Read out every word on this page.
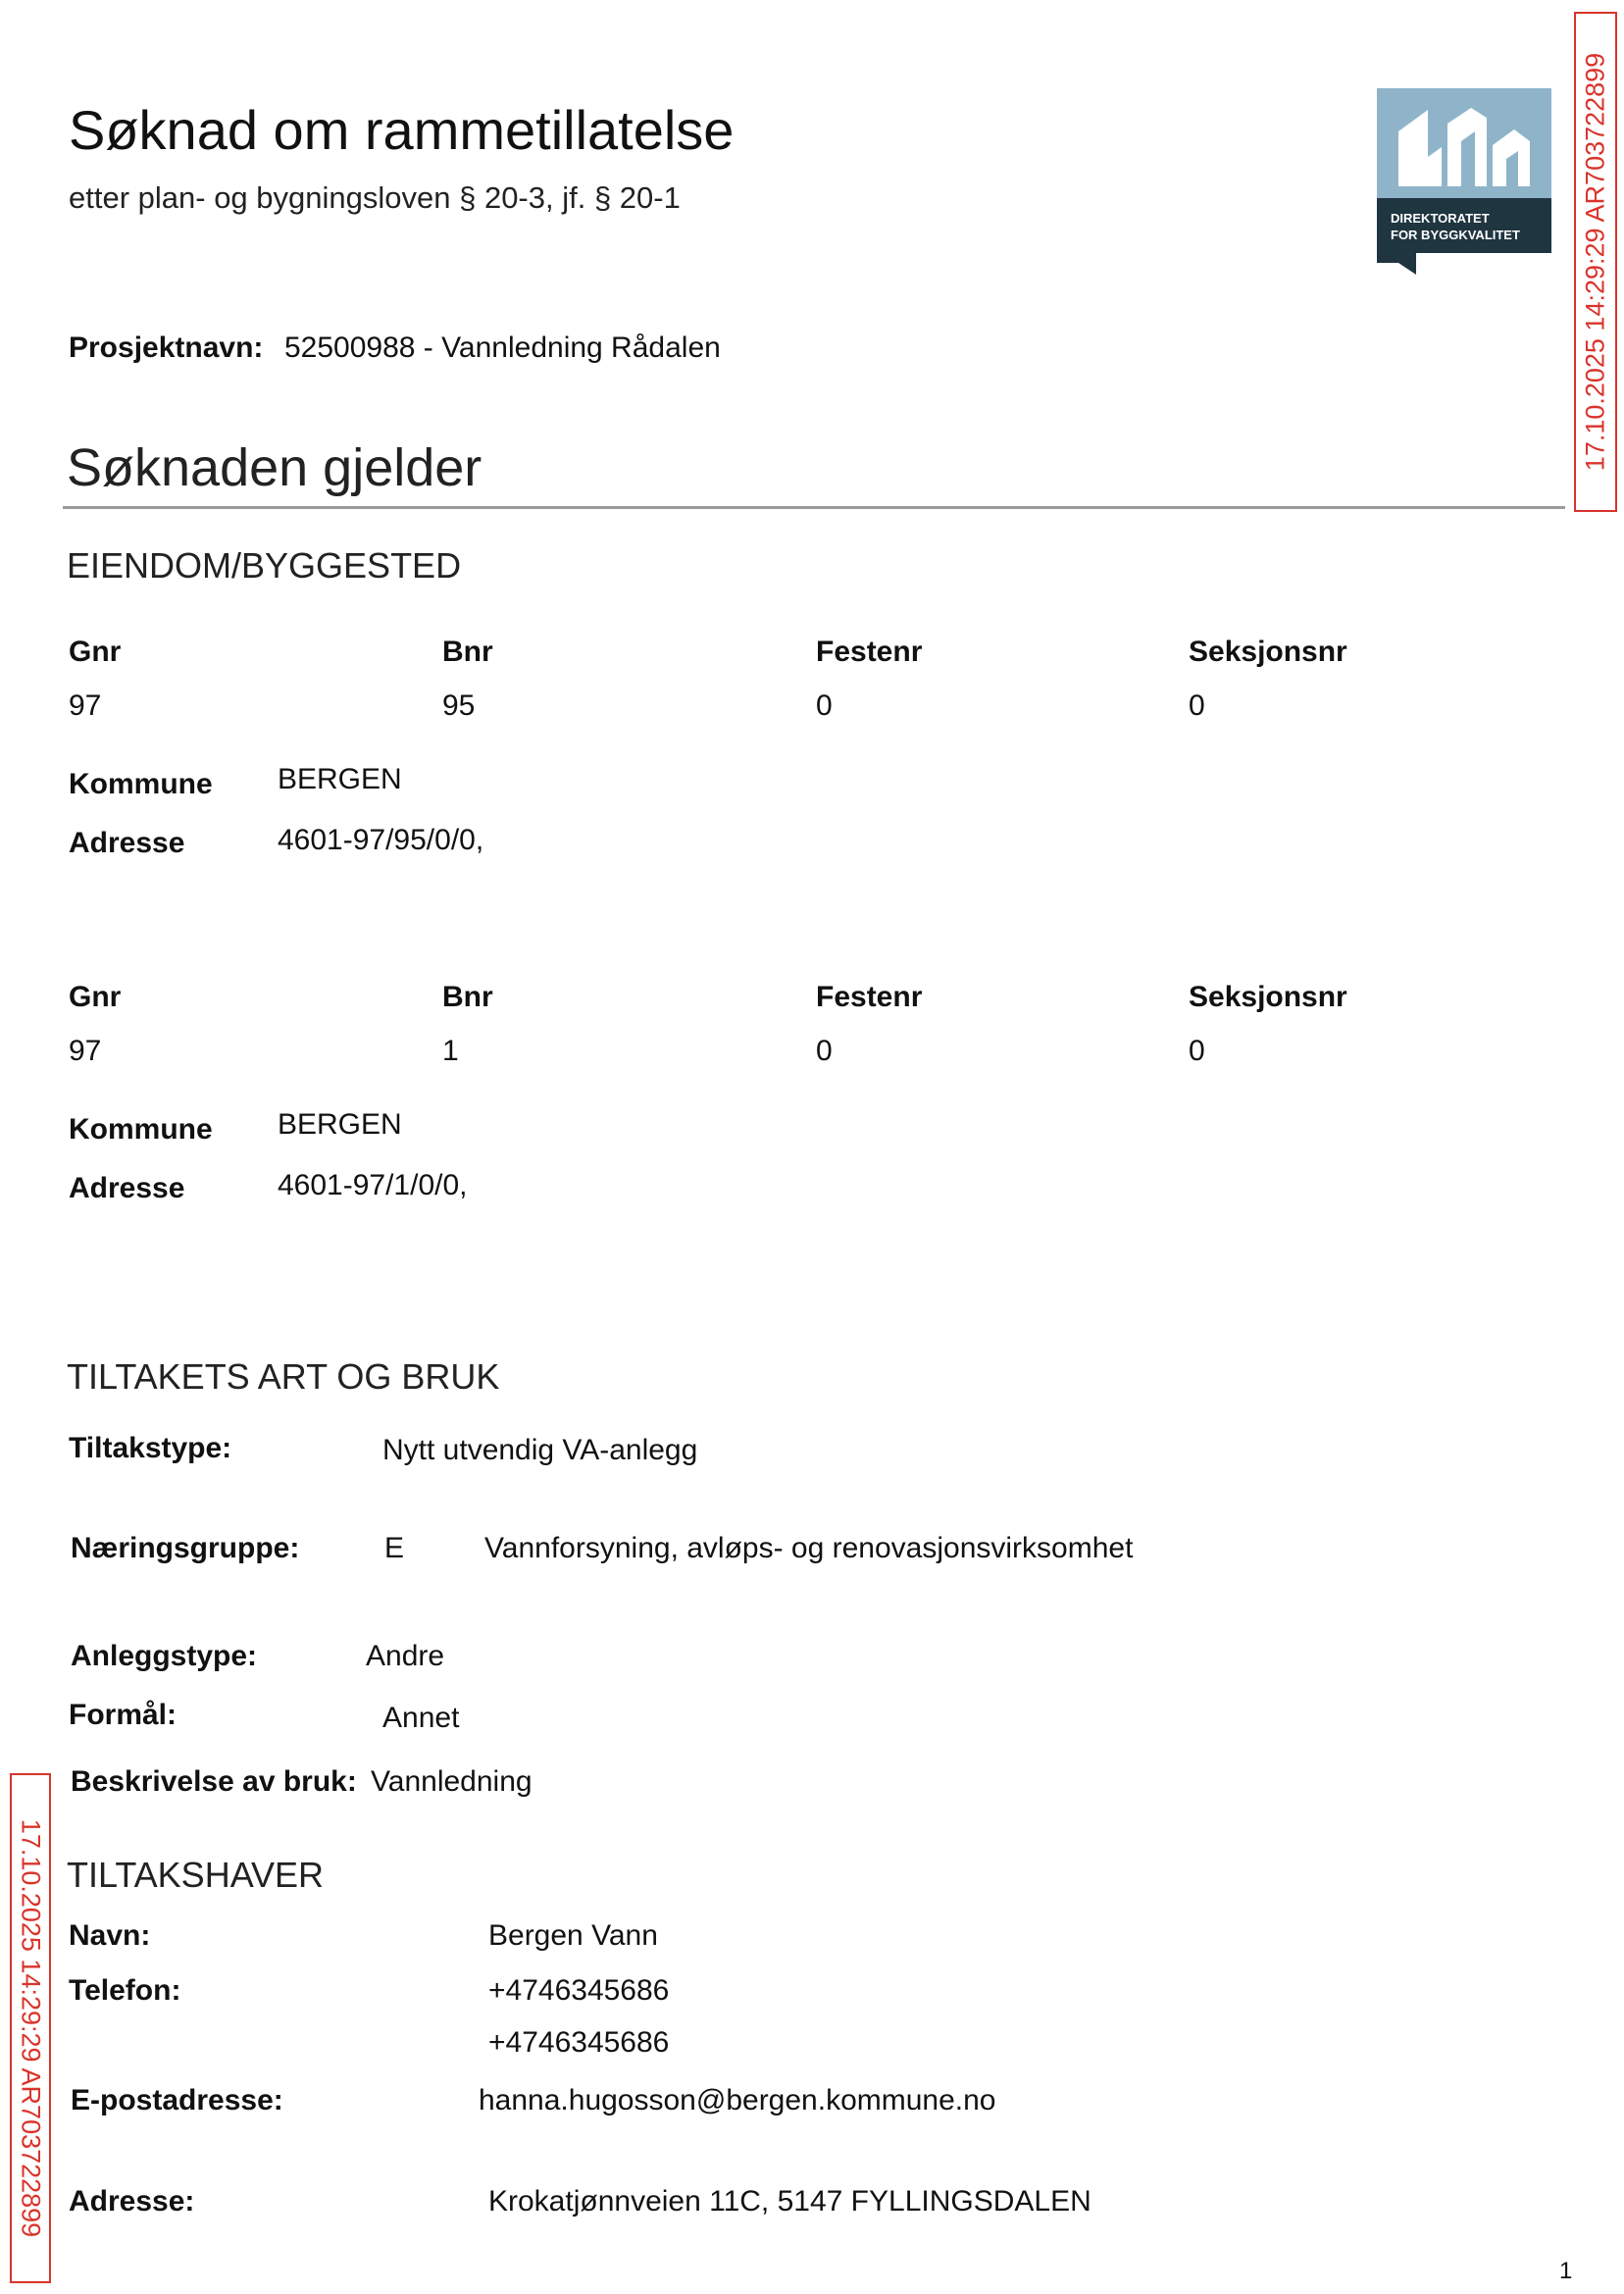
Søknad om rammetillatelse
etter plan- og bygningsloven § 20-3, jf. § 20-1
DIREKTORATET
FOR BYGGKVALITET 17.10.2025 14:29:29 AR703722899
Prosjektnavn: 52500988 - Vannledning Rådalen
Søknaden gjelder
EIENDOM/BYGGESTED
Gnr	Bnr	Festenr	Seksjonsnr
97	95	0	0
Kommune BERGEN
Adresse	4601-97/95/0/0,
Gnr	Bnr	Festenr	Seksjonsnr
97	1	0	0
Kommune BERGEN
Adresse	4601-97/1/0/0,
TILTAKETS ART OG BRUK
Tiltakstype:	Nytt utvendig VA-anlegg
Næringsgruppe:	E	Vannforsyning, avløps- og renovasjonsvirksomhet
Anleggstype:	Andre
Formål:	Annet
Beskrivelse av bruk: Vannledning
17.10.2025 14:29:29 AR703722899 TILTAKSHAVER
Navn:	Bergen Vann
Telefon:	+4746345686
+4746345686
E-postadresse:	hanna.hugosson@bergen.kommune.no
Adresse:	Krokatjønnveien 11C, 5147 FYLLINGSDALEN
1
